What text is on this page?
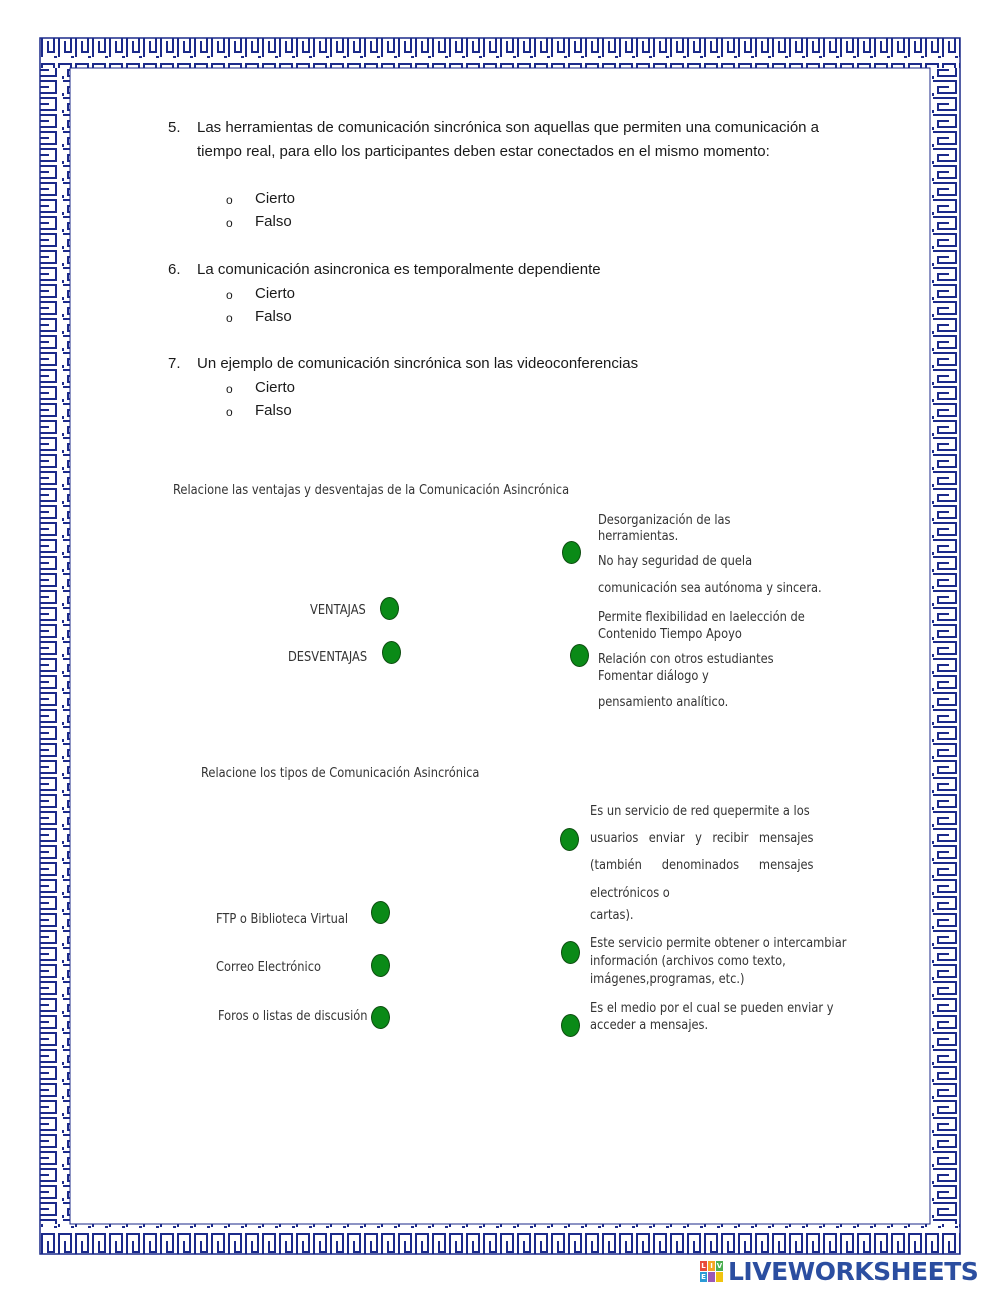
5.	Las herramientas de comunicación sincrónica son aquellas que permiten una comunicación a tiempo real, para ello los participantes deben estar conectados en el mismo momento:
o Cierto
o Falso
6.	La comunicación asincronica es temporalmente dependiente
o Cierto
o Falso
7.	Un ejemplo de comunicación sincrónica son las videoconferencias
o Cierto
o Falso
Relacione las ventajas y desventajas de la Comunicación Asincrónica
Desorganización de las
herramientas.
No hay seguridad de quela
comunicación sea autónoma y sincera.
VENTAJAS
DESVENTAJAS
Permite flexibilidad en laelección de
Contenido Tiempo Apoyo
Relación con otros estudiantes
Fomentar diálogo y
pensamiento analítico.
Relacione los tipos de Comunicación Asincrónica
Es un servicio de red quepermite a los
usuarios enviar y recibir mensajes
(también denominados mensajes
electrónicos o
cartas).
FTP o Biblioteca Virtual
Este servicio permite obtener o intercambiar
información (archivos como texto,
imágenes,programas, etc.)
Correo Electrónico
Es el medio por el cual se pueden enviar y
acceder a mensajes.
Foros o listas de discusión
L I V
E LIVEWORKSHEETS
